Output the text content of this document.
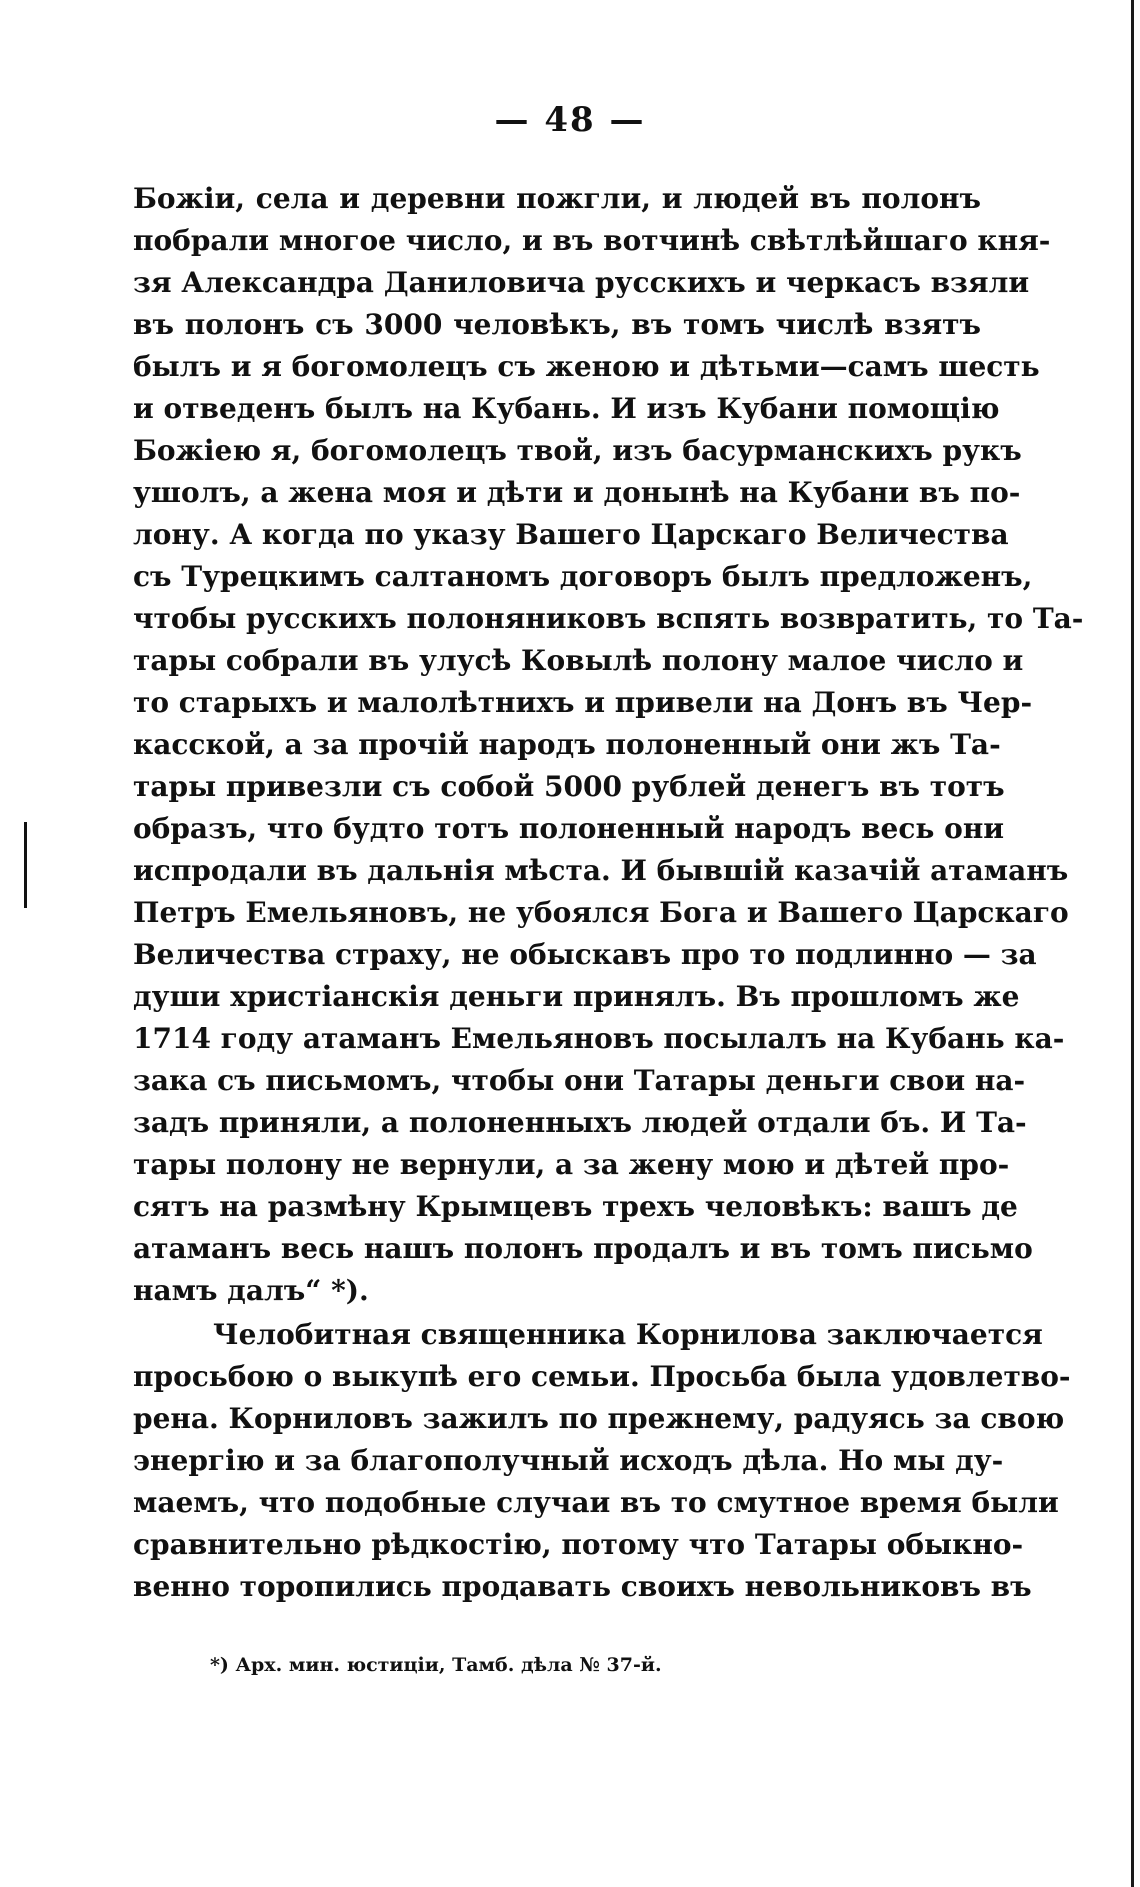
— 48 —
Божіи, села и деревни пожгли, и людей въ полонъ
побрали многое число, и въ вотчинѣ свѣтлѣйшаго кня-
зя Александра Даниловича русскихъ и черкасъ взяли
въ полонъ съ 3000 человѣкъ, въ томъ числѣ взятъ
былъ и я богомолецъ съ женою и дѣтьми—самъ шесть
и отведенъ былъ на Кубань. И изъ Кубани помощію
Божіею я, богомолецъ твой, изъ басурманскихъ рукъ
ушолъ, а жена моя и дѣти и донынѣ на Кубани въ по-
лону. А когда по указу Вашего Царскаго Величества
съ Турецкимъ салтаномъ договоръ былъ предложенъ,
чтобы русскихъ полоняниковъ вспять возвратить, то Та-
тары собрали въ улусѣ Ковылѣ полону малое число и
то старыхъ и малолѣтнихъ и привели на Донъ въ Чер-
касской, а за прочій народъ полоненный они жъ Та-
тары привезли съ собой 5000 рублей денегъ въ тотъ
образъ, что будто тотъ полоненный народъ весь они
испродали въ дальнія мѣста. И бывшій казачій атаманъ
Петръ Емельяновъ, не убоялся Бога и Вашего Царскаго
Величества страху, не обыскавъ про то подлинно — за
души христіанскія деньги принялъ. Въ прошломъ же
1714 году атаманъ Емельяновъ посылалъ на Кубань ка-
зака съ письмомъ, чтобы они Татары деньги свои на-
задъ приняли, а полоненныхъ людей отдали бъ. И Та-
тары полону не вернули, а за жену мою и дѣтей про-
сятъ на размѣну Крымцевъ трехъ человѣкъ: вашъ де
атаманъ весь нашъ полонъ продалъ и въ томъ письмо
намъ далъ“ *).
Челобитная священника Корнилова заключается
просьбою о выкупѣ его семьи. Просьба была удовлетво-
рена. Корниловъ зажилъ по прежнему, радуясь за свою
энергію и за благополучный исходъ дѣла. Но мы ду-
маемъ, что подобные случаи въ то смутное время были
сравнительно рѣдкостію, потому что Татары обыкно-
венно торопились продавать своихъ невольниковъ въ
*) Арх. мин. юстиціи, Тамб. дѣла № 37-й.
